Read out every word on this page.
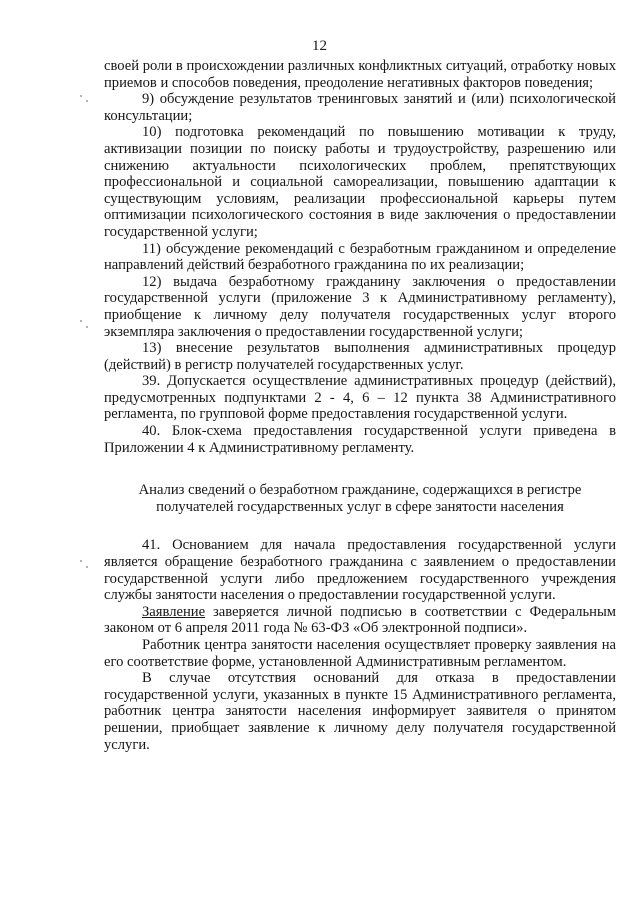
12

своей роли в происхождении различных конфликтных ситуаций, отработку новых приемов и способов поведения, преодоление негативных факторов поведения;

9) обсуждение результатов тренинговых занятий и (или) психологической консультации;

10) подготовка рекомендаций по повышению мотивации к труду, активизации позиции по поиску работы и трудоустройству, разрешению или снижению актуальности психологических проблем, препятствующих профессиональной и социальной самореализации, повышению адаптации к существующим условиям, реализации профессиональной карьеры путем оптимизации психологического состояния в виде заключения о предоставлении государственной услуги;

11) обсуждение рекомендаций с безработным гражданином и определение направлений действий безработного гражданина по их реализации;

12) выдача безработному гражданину заключения о предоставлении государственной услуги (приложение 3 к Административному регламенту), приобщение к личному делу получателя государственных услуг второго экземпляра заключения о предоставлении государственной услуги;

13) внесение результатов выполнения административных процедур (действий) в регистр получателей государственных услуг.

39. Допускается осуществление административных процедур (действий), предусмотренных подпунктами 2 - 4, 6 – 12 пункта 38 Административного регламента, по групповой форме предоставления государственной услуги.

40. Блок-схема предоставления государственной услуги приведена в Приложении 4 к Административному регламенту.

Анализ сведений о безработном гражданине, содержащихся в регистре получателей государственных услуг в сфере занятости населения

41. Основанием для начала предоставления государственной услуги является обращение безработного гражданина с заявлением о предоставлении государственной услуги либо предложением государственного учреждения службы занятости населения о предоставлении государственной услуги.

Заявление заверяется личной подписью в соответствии с Федеральным законом от 6 апреля 2011 года № 63-ФЗ «Об электронной подписи».

Работник центра занятости населения осуществляет проверку заявления на его соответствие форме, установленной Административным регламентом.

В случае отсутствия оснований для отказа в предоставлении государственной услуги, указанных в пункте 15 Административного регламента, работник центра занятости населения информирует заявителя о принятом решении, приобщает заявление к личному делу получателя государственной услуги.
